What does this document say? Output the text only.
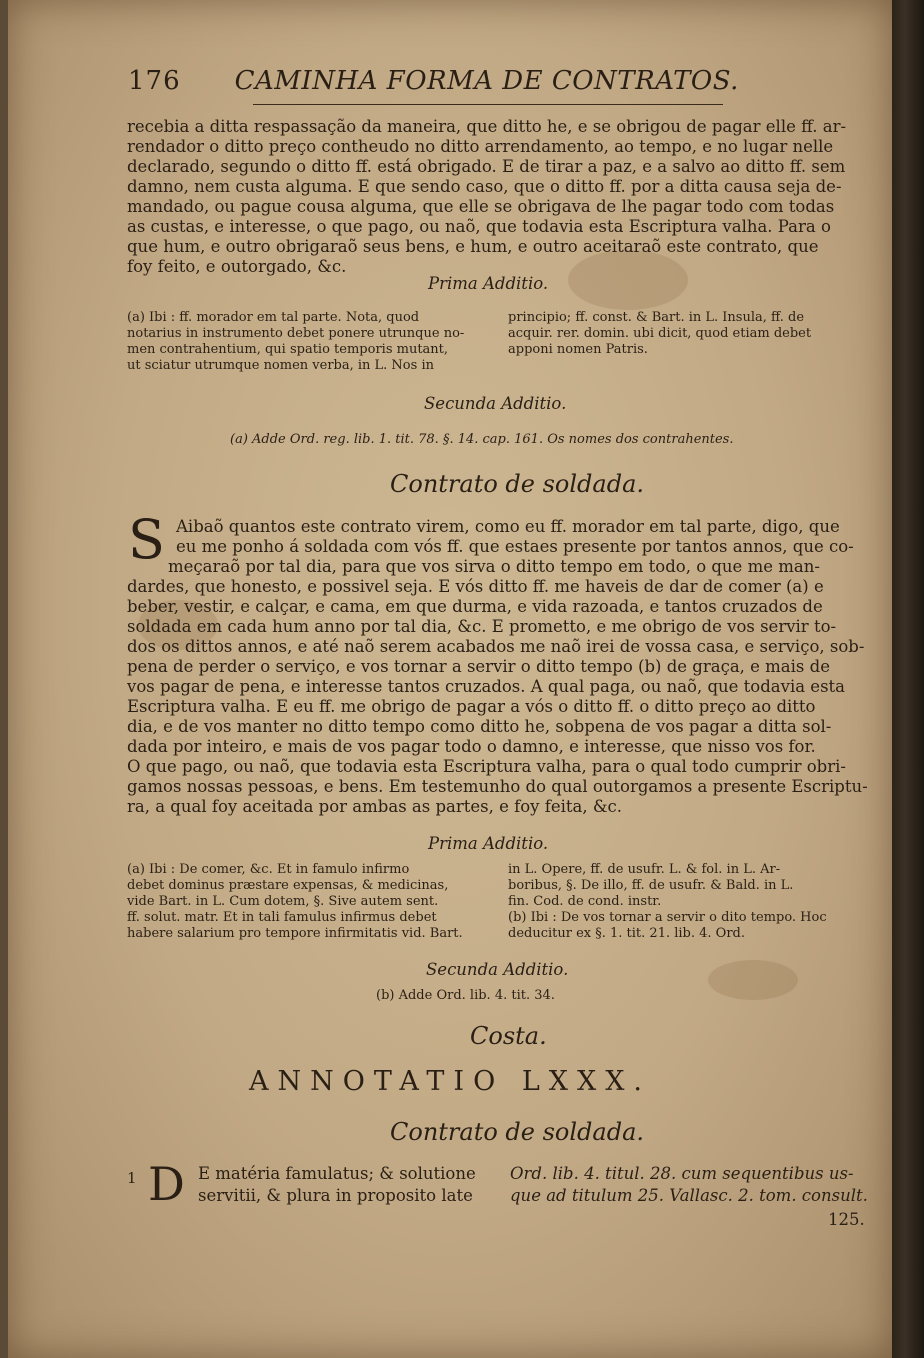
176 CAMINHA FORMA DE CONTRATOS.
recebia a ditta respassação da maneira, que ditto he, e se obrigou de pagar elle ff. ar-
rendador o ditto preço contheudo no ditto arrendamento, ao tempo, e no lugar nelle
declarado, segundo o ditto ff. está obrigado. E de tirar a paz, e a salvo ao ditto ff. sem
damno, nem custa alguma. E que sendo caso, que o ditto ff. por a ditta causa seja de-
mandado, ou pague cousa alguma, que elle se obrigava de lhe pagar todo com todas
as custas, e interesse, o que pago, ou naõ, que todavia esta Escriptura valha. Para o
que hum, e outro obrigaraõ seus bens, e hum, e outro aceitaraõ este contrato, que
foy feito, e outorgado, &c.
Prima Additio.
(a) Ibi : ff. morador em tal parte. Nota, quod
notarius in instrumento debet ponere utrunque no-
men contrahentium, qui spatio temporis mutant,
ut sciatur utrumque nomen verba, in L. Nos in
principio; ff. const. & Bart. in L. Insula, ff. de
acquir. rer. domin. ubi dicit, quod etiam debet
apponi nomen Patris.
Secunda Additio.
(a) Adde Ord. reg. lib. 1. tit. 78. §. 14. cap. 161. Os nomes dos contrahentes.
Contrato de soldada.
S Aibaõ quantos este contrato virem, como eu ff. morador em tal parte, digo, que
eu me ponho á soldada com vós ff. que estaes presente por tantos annos, que co-
meçaraõ por tal dia, para que vos sirva o ditto tempo em todo, o que me man-
dardes, que honesto, e possivel seja. E vós ditto ff. me haveis de dar de comer (a) e
beber, vestir, e calçar, e cama, em que durma, e vida razoada, e tantos cruzados de
soldada em cada hum anno por tal dia, &c. E prometto, e me obrigo de vos servir to-
dos os dittos annos, e até naõ serem acabados me naõ irei de vossa casa, e serviço, sob-
pena de perder o serviço, e vos tornar a servir o ditto tempo (b) de graça, e mais de
vos pagar de pena, e interesse tantos cruzados. A qual paga, ou naõ, que todavia esta
Escriptura valha. E eu ff. me obrigo de pagar a vós o ditto ff. o ditto preço ao ditto
dia, e de vos manter no ditto tempo como ditto he, sobpena de vos pagar a ditta sol-
dada por inteiro, e mais de vos pagar todo o damno, e interesse, que nisso vos for.
O que pago, ou naõ, que todavia esta Escriptura valha, para o qual todo cumprir obri-
gamos nossas pessoas, e bens. Em testemunho do qual outorgamos a presente Escriptu-
ra, a qual foy aceitada por ambas as partes, e foy feita, &c.
Prima Additio.
(a) Ibi : De comer, &c. Et in famulo infirmo
debet dominus præstare expensas, & medicinas,
vide Bart. in L. Cum dotem, §. Sive autem sent.
ff. solut. matr. Et in tali famulus infirmus debet
habere salarium pro tempore infirmitatis vid. Bart.
in L. Opere, ff. de usufr. L. & fol. in L. Ar-
boribus, §. De illo, ff. de usufr. & Bald. in L.
fin. Cod. de cond. instr.
(b) Ibi : De vos tornar a servir o dito tempo. Hoc
deducitur ex §. 1. tit. 21. lib. 4. Ord.
Secunda Additio.
(b) Adde Ord. lib. 4. tit. 34.
Costa.
ANNOTATIO LXXX.
Contrato de soldada.
1 D E matéria famulatus; & solutione
servitii, & plura in proposito late
Ord. lib. 4. titul. 28. cum sequentibus us-
que ad titulum 25. Vallasc. 2. tom. consult.
125.
